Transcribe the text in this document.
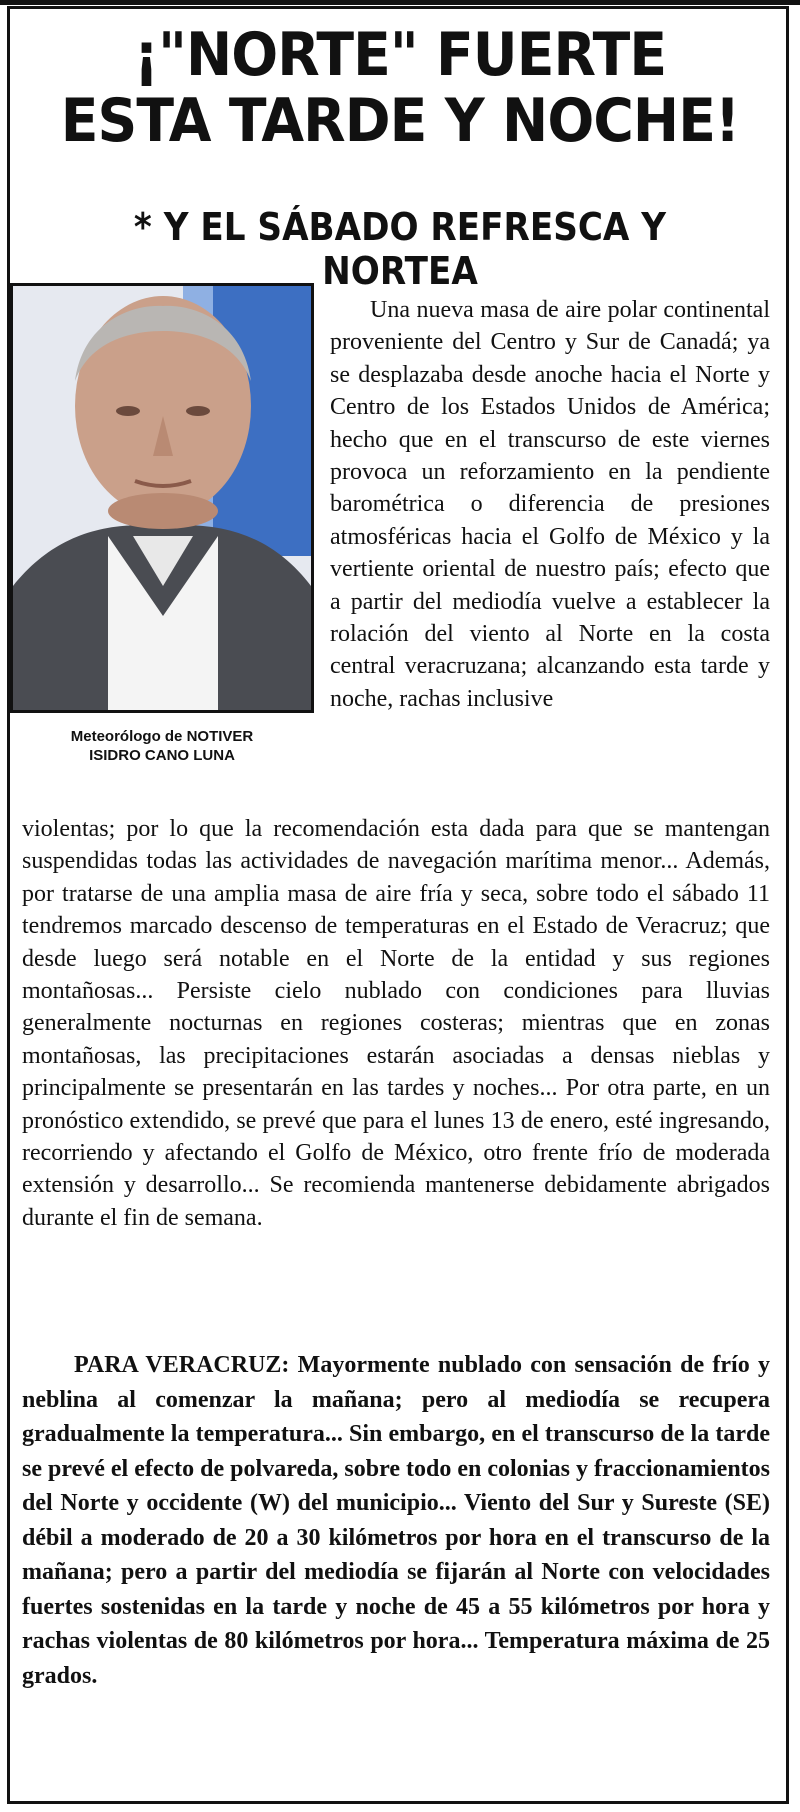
¡"NORTE" FUERTE ESTA TARDE Y NOCHE!
* Y EL SÁBADO REFRESCA Y NORTEA
Meteorólogo de NOTIVER
ISIDRO CANO LUNA

Una nueva masa de aire polar continental proveniente del Centro y Sur de Canadá; ya se desplazaba desde anoche hacia el Norte y Centro de los Estados Unidos de América; hecho que en el transcurso de este viernes provoca un reforzamiento en la pendiente barométrica o diferencia de presiones atmosféricas hacia el Golfo de México y la vertiente oriental de nuestro país; efecto que a partir del mediodía vuelve a establecer la rolación del viento al Norte en la costa central veracruzana; alcanzando esta tarde y noche, rachas inclusive

violentas; por lo que la recomendación esta dada para que se mantengan suspendidas todas las actividades de navegación marítima menor... Además, por tratarse de una amplia masa de aire fría y seca, sobre todo el sábado 11 tendremos marcado descenso de temperaturas en el Estado de Veracruz; que desde luego será notable en el Norte de la entidad y sus regiones montañosas... Persiste cielo nublado con condiciones para lluvias generalmente nocturnas en regiones costeras; mientras que en zonas montañosas, las precipitaciones estarán asociadas a densas nieblas y principalmente se presentarán en las tardes y noches... Por otra parte, en un pronóstico extendido, se prevé que para el lunes 13 de enero, esté ingresando, recorriendo y afectando el Golfo de México, otro frente frío de moderada extensión y desarrollo... Se recomienda mantenerse debidamente abrigados durante el fin de semana.

PARA VERACRUZ: Mayormente nublado con sensación de frío y neblina al comenzar la mañana; pero al mediodía se recupera gradualmente la temperatura... Sin embargo, en el transcurso de la tarde se prevé el efecto de polvareda, sobre todo en colonias y fraccionamientos del Norte y occidente (W) del municipio... Viento del Sur y Sureste (SE) débil a moderado de 20 a 30 kilómetros por hora en el transcurso de la mañana; pero a partir del mediodía se fijarán al Norte con velocidades fuertes sostenidas en la tarde y noche de 45 a 55 kilómetros por hora y rachas violentas de 80 kilómetros por hora... Temperatura máxima de 25 grados.
